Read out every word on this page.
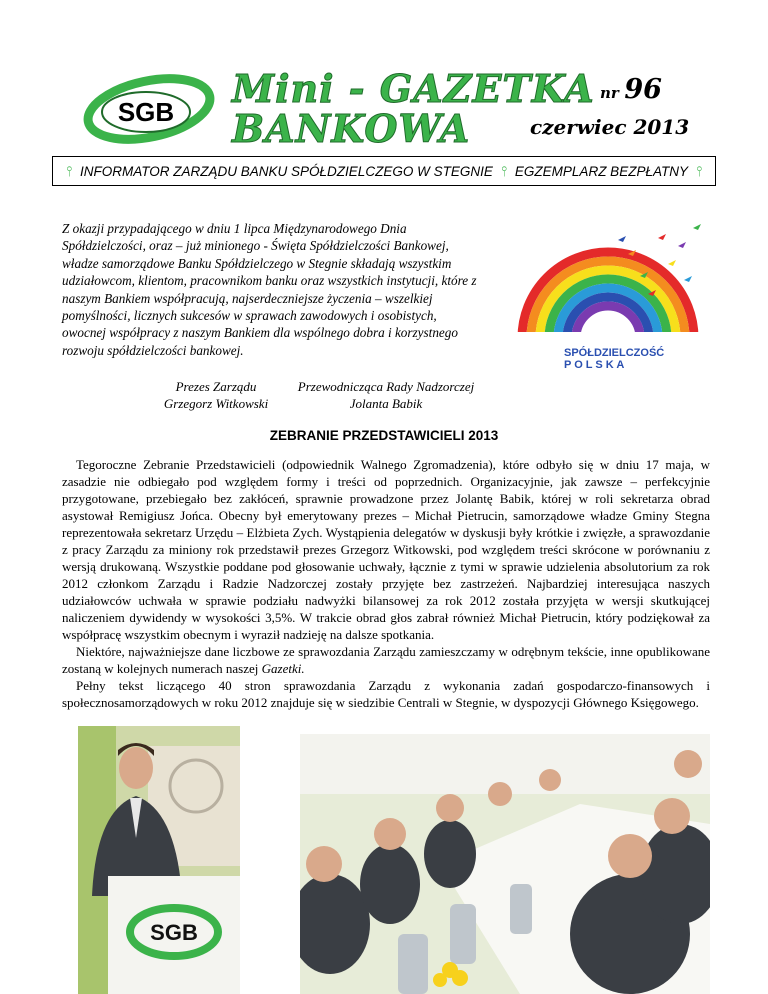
SGB
Mini - GAZETKA
BANKOWA
nr 96
czerwiec 2013
⫯ INFORMATOR ZARZĄDU BANKU SPÓŁDZIELCZEGO W STEGNIE ⫯ EGZEMPLARZ BEZPŁATNY ⫯
Z okazji przypadającego w dniu 1 lipca Międzynarodowego Dnia Spółdzielczości, oraz – już minionego - Święta Spółdzielczości Bankowej, władze samorządowe Banku Spółdzielczego w Stegnie składają wszystkim udziałowcom, klientom, pracownikom banku oraz wszystkich instytucji, które z naszym Bankiem współpracują, najserdeczniejsze życzenia – wszelkiej pomyślności, licznych sukcesów w sprawach zawodowych i osobistych, owocnej współpracy z naszym Bankiem dla wspólnego dobra i korzystnego rozwoju spółdzielczości bankowej.	SPÓŁDZIELCZOŚĆ
P O L S K A
Prezes Zarządu
Grzegorz Witkowski
Przewodnicząca Rady Nadzorczej
Jolanta Babik
ZEBRANIE PRZEDSTAWICIELI 2013

Tegoroczne Zebranie Przedstawicieli (odpowiednik Walnego Zgromadzenia), które odbyło się w dniu 17 maja, w zasadzie nie odbiegało pod względem formy i treści od poprzednich. Organizacyjnie, jak zawsze – perfekcyjnie przygotowane, przebiegało bez zakłóceń, sprawnie prowadzone przez Jolantę Babik, której w roli sekretarza obrad asystował Remigiusz Jońca. Obecny był emerytowany prezes – Michał Pietrucin, samorządowe władze Gminy Stegna reprezentowała sekretarz Urzędu – Elżbieta Zych. Wystąpienia delegatów w dyskusji były krótkie i zwięzłe, a sprawozdanie z pracy Zarządu za miniony rok przedstawił prezes Grzegorz Witkowski, pod względem treści skrócone w porównaniu z wersją drukowaną. Wszystkie poddane pod głosowanie uchwały, łącznie z tymi w sprawie udzielenia absolutorium za rok 2012 członkom Zarządu i Radzie Nadzorczej zostały przyjęte bez zastrzeżeń. Najbardziej interesująca naszych udziałowców uchwała w sprawie podziału nadwyżki bilansowej za rok 2012 została przyjęta w wersji skutkującej naliczeniem dywidendy w wysokości 3,5%. W trakcie obrad głos zabrał również Michał Pietrucin, który podziękował za współpracę wszystkim obecnym i wyraził nadzieję na dalsze spotkania.

Niektóre, najważniejsze dane liczbowe ze sprawozdania Zarządu zamieszczamy w odrębnym tekście, inne opublikowane zostaną w kolejnych numerach naszej Gazetki.

Pełny tekst liczącego 40 stron sprawozdania Zarządu z wykonania zadań gospodarczo-finansowych i społecznosamorządowych w roku 2012 znajduje się w siedzibie Centrali w Stegnie, w dyspozycji Głównego Księgowego.

SGB
